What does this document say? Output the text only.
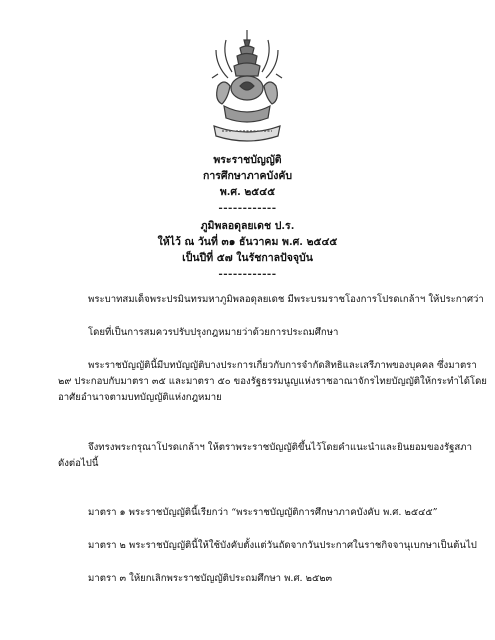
พระราชบัญญัติ
การศึกษาภาคบังคับ
พ.ศ. ๒๕๔๕
------------
ภูมิพลอดุลยเดช ป.ร.
ให้ไว้ ณ วันที่ ๓๑ ธันวาคม พ.ศ. ๒๕๔๕
เป็นปีที่ ๕๗ ในรัชกาลปัจจุบัน
------------
พระบาทสมเด็จพระปรมินทรมหาภูมิพลอดุลยเดช มีพระบรมราชโองการโปรดเกล้าฯ ให้ประกาศว่า
โดยที่เป็นการสมควรปรับปรุงกฎหมายว่าด้วยการประถมศึกษา
พระราชบัญญัตินี้มีบทบัญญัติบางประการเกี่ยวกับการจำกัดสิทธิและเสรีภาพของบุคคล ซึ่งมาตรา
๒๙ ประกอบกับมาตรา ๓๕ และมาตรา ๕๐ ของรัฐธรรมนูญแห่งราชอาณาจักรไทยบัญญัติให้กระทำได้โดย
อาศัยอำนาจตามบทบัญญัติแห่งกฎหมาย
จึงทรงพระกรุณาโปรดเกล้าฯ ให้ตราพระราชบัญญัติขึ้นไว้โดยคำแนะนำและยินยอมของรัฐสภา
ดังต่อไปนี้
มาตรา ๑ พระราชบัญญัตินี้เรียกว่า “พระราชบัญญัติการศึกษาภาคบังคับ พ.ศ. ๒๕๔๕”
มาตรา ๒ พระราชบัญญัตินี้ให้ใช้บังคับตั้งแต่วันถัดจากวันประกาศในราชกิจจานุเบกษาเป็นต้นไป
มาตรา ๓ ให้ยกเลิกพระราชบัญญัติประถมศึกษา พ.ศ. ๒๕๒๓
